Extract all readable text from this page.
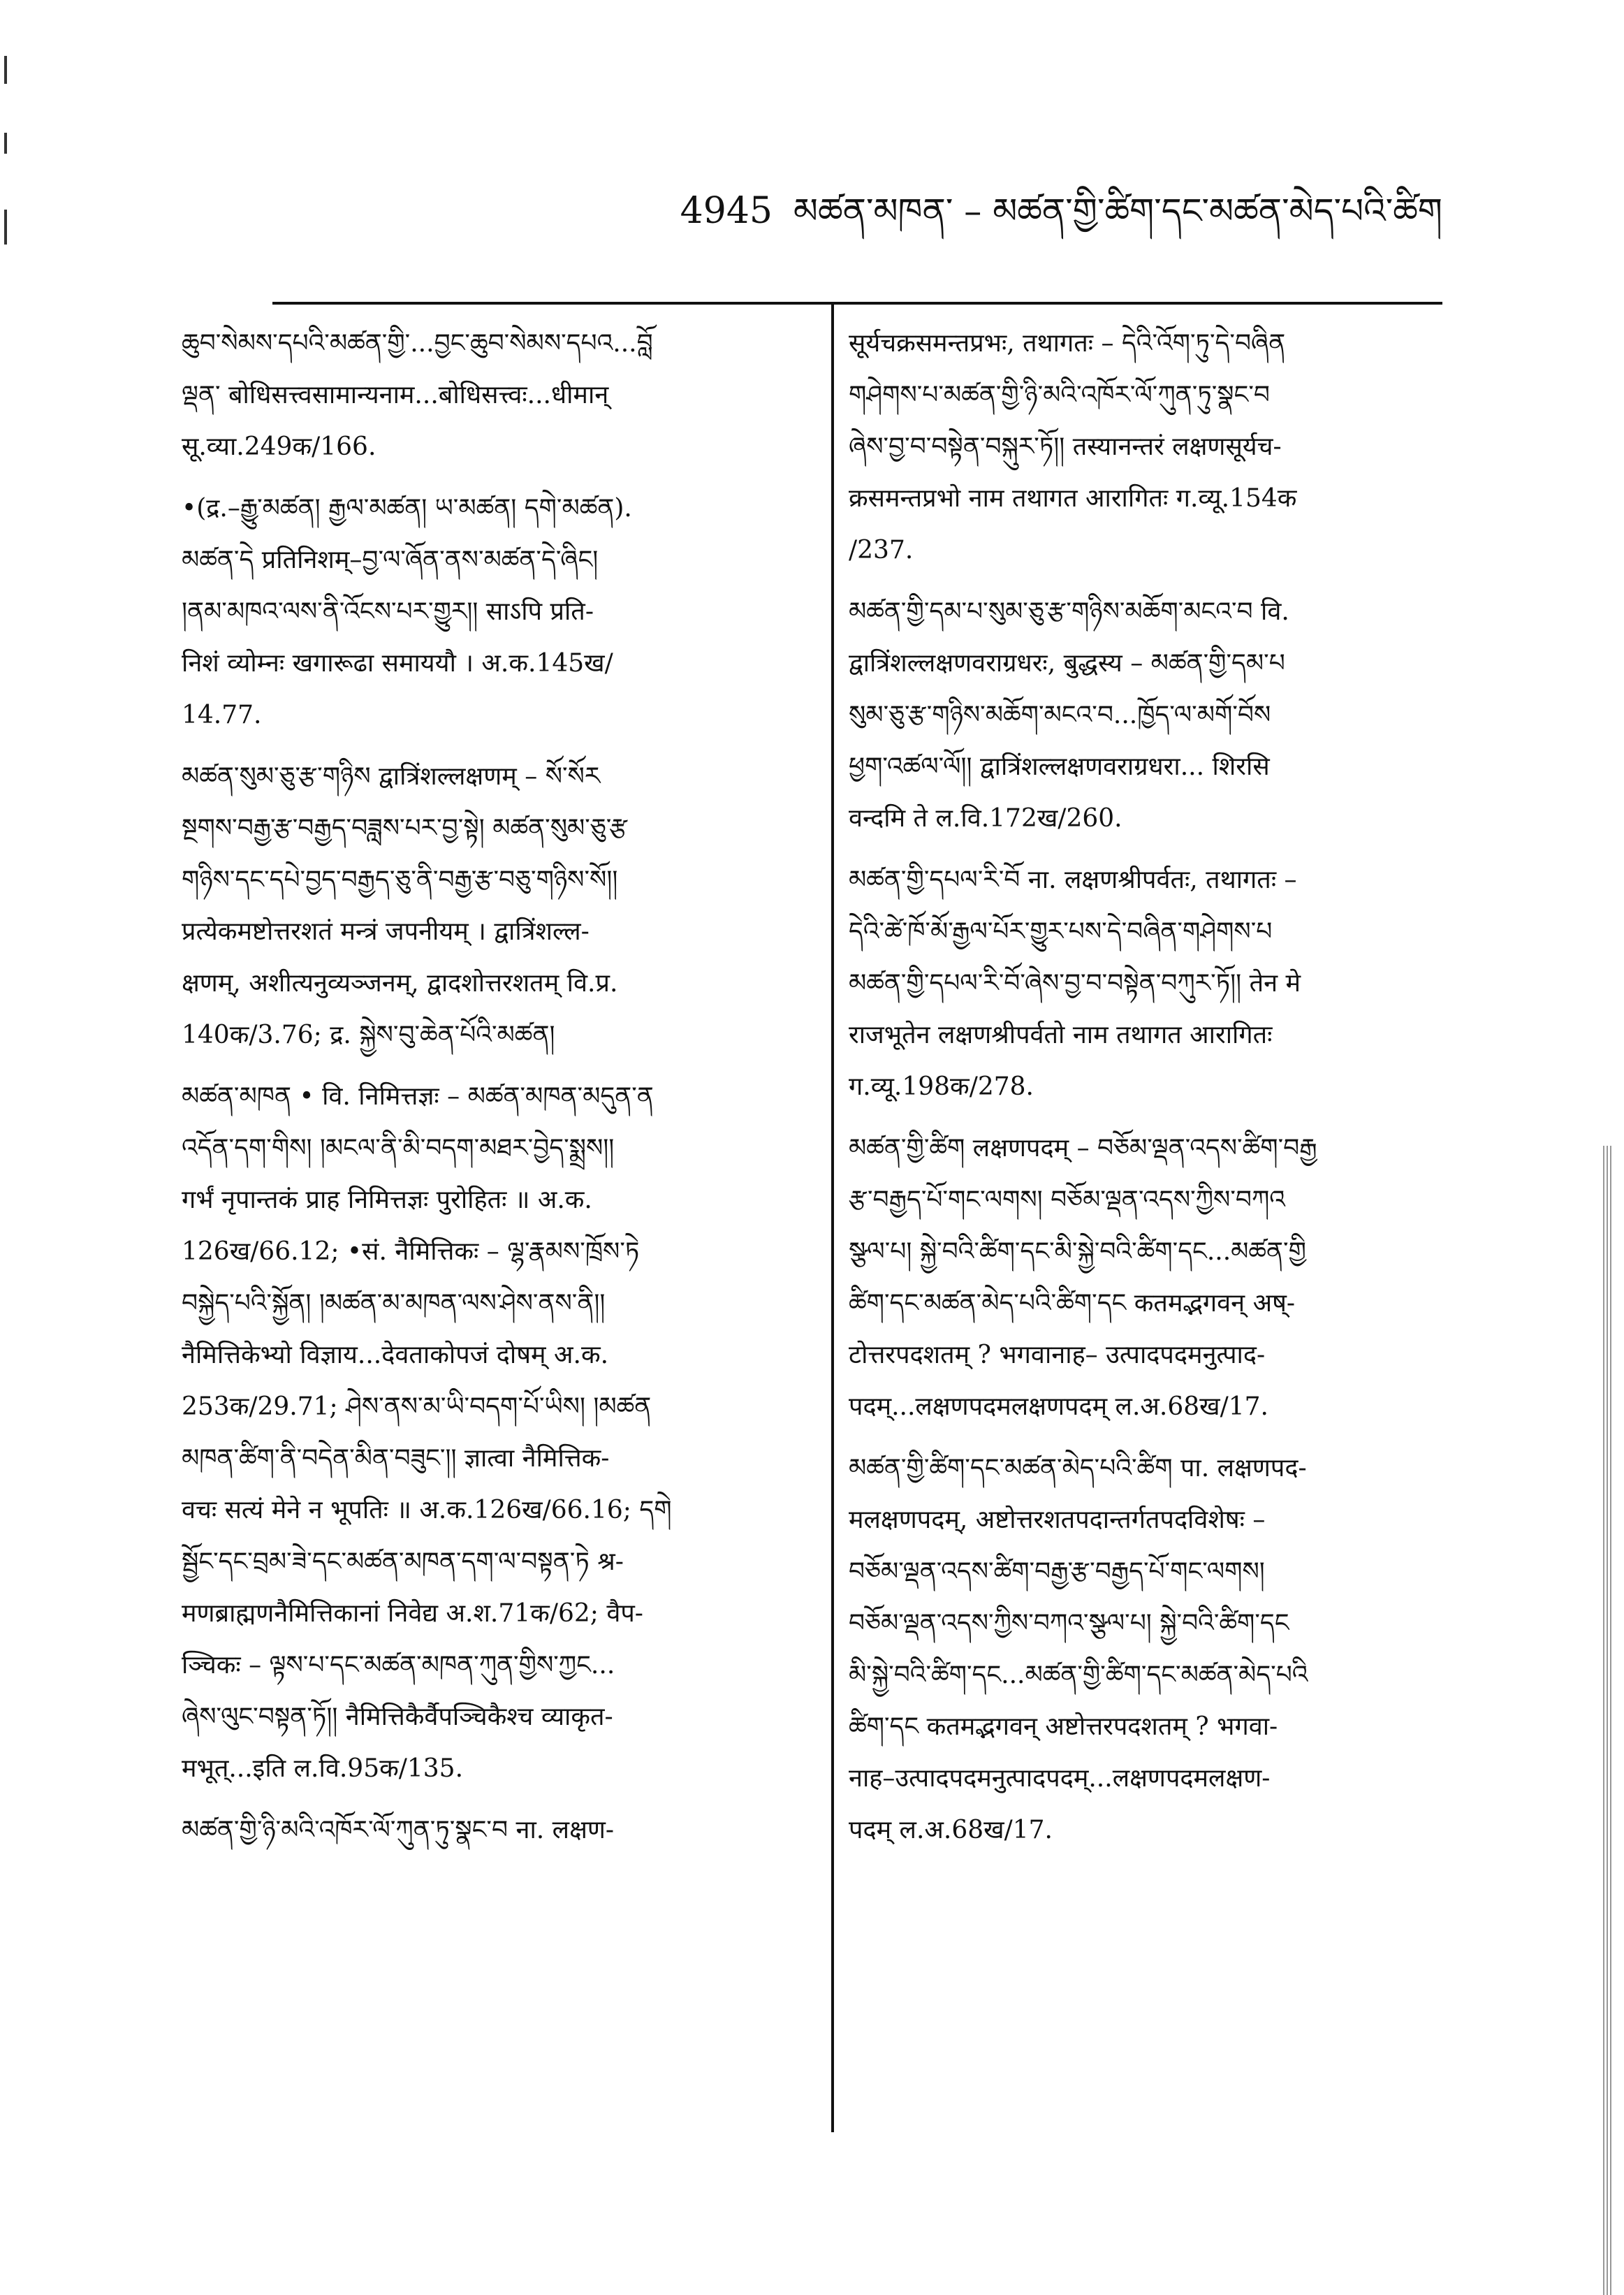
4945 མཚན་མཁན་ – མཚན་གྱི་ཚིག་དང་མཚན་མེད་པའི་ཚིག
ཆུབ་སེམས་དཔའི་མཚན་གྱི་...བྱང་ཆུབ་སེམས་དཔའ...བློ
ལྡན་ बोधिसत्त्वसामान्यनाम...बोधिसत्त्वः...धीमान्
सू.व्या.249क/166.
•(द्र.–རྒྱུ་མཚན། རྒྱལ་མཚན། ཡ་མཚན། དགེ་མཚན).
མཚན་དེ प्रतिनिशम्–བྱ་ལ་ཞོན་ནས་མཚན་དེ་ཞིང།
།ནམ་མཁའ་ལས་ནི་འོངས་པར་གྱུར།། साऽपि प्रति-
निशं व्योम्नः खगारूढा समाययौ । अ.क.145ख/
14.77.
མཚན་སུམ་ཅུ་རྩ་གཉིས द्वात्रिंशल्लक्षणम् – སོ་སོར
སྔགས་བརྒྱ་རྩ་བརྒྱད་བཟླས་པར་བྱ་སྟེ། མཚན་སུམ་ཅུ་རྩ
གཉིས་དང་དཔེ་བྱད་བརྒྱད་ཅུ་ནི་བརྒྱ་རྩ་བཅུ་གཉིས་སོ།།
प्रत्येकमष्टोत्तरशतं मन्त्रं जपनीयम् । द्वात्रिंशल्ल-
क्षणम्, अशीत्यनुव्यञ्जनम्, द्वादशोत्तरशतम् वि.प्र.
140क/3.76; द्र. སྐྱེས་བུ་ཆེན་པོའི་མཚན།
མཚན་མཁན • वि. निमित्तज्ञः – མཚན་མཁན་མདུན་ན
འདོན་དག་གིས། །མངལ་ནི་མི་བདག་མཐར་བྱེད་སྨྲས།།
गर्भं नृपान्तकं प्राह निमित्तज्ञः पुरोहितः ॥ अ.क.
126ख/66.12; •सं. नैमित्तिकः – ལྷ་རྣམས་ཁྲོས་ཏེ
བསྐྱེད་པའི་སྐྱོན། །མཚན་མ་མཁན་ལས་ཤེས་ནས་ནི།།
नैमित्तिकेभ्यो विज्ञाय...देवताकोपजं दोषम् अ.क.
253क/29.71; ཤེས་ནས་མ་ཡི་བདག་པོ་ཡིས། །མཚན
མཁན་ཚིག་ནི་བདེན་མིན་བཟུང་།། ज्ञात्वा नैमित्तिक-
वचः सत्यं मेने न भूपतिः ॥ अ.क.126ख/66.16; དགེ
སྦྱོང་དང་བྲམ་ཟེ་དང་མཚན་མཁན་དག་ལ་བསྟན་ཏེ श्र-
मणब्राह्मणनैमित्तिकानां निवेद्य अ.श.71क/62; वैप-
ञ्चिकः – ལྟས་པ་དང་མཚན་མཁན་ཀུན་གྱིས་ཀྱང...
ཞེས་ལུང་བསྟན་ཏོ།། नैमित्तिकैर्वैपञ्चिकैश्च व्याकृत-
मभूत्...इति ल.वि.95क/135.
མཚན་གྱི་ཉི་མའི་འཁོར་ལོ་ཀུན་ཏུ་སྣང་བ ना. लक्षण-
सूर्यचक्रसमन्तप्रभः, तथागतः – དེའི་འོག་ཏུ་དེ་བཞིན
གཤེགས་པ་མཚན་གྱི་ཉི་མའི་འཁོར་ལོ་ཀུན་ཏུ་སྣང་བ
ཞེས་བྱ་བ་བསྟེན་བསྐུར་ཏོ།། तस्यानन्तरं लक्षणसूर्यच-
क्रसमन्तप्रभो नाम तथागत आरागितः ग.व्यू.154क
/237.
མཚན་གྱི་དམ་པ་སུམ་ཅུ་རྩ་གཉིས་མཆོག་མངའ་བ वि.
द्वात्रिंशल्लक्षणवराग्रधरः, बुद्धस्य – མཚན་གྱི་དམ་པ
སུམ་ཅུ་རྩ་གཉིས་མཆོག་མངའ་བ...ཁྱོད་ལ་མགོ་བོས
ཕྱག་འཚལ་ལོ།། द्वात्रिंशल्लक्षणवराग्रधरा... शिरसि
वन्दमि ते ल.वि.172ख/260.
མཚན་གྱི་དཔལ་རི་བོ ना. लक्षणश्रीपर्वतः, तथागतः –
དེའི་ཚེ་ཁོ་མོ་རྒྱལ་པོར་གྱུར་པས་དེ་བཞིན་གཤེགས་པ
མཚན་གྱི་དཔལ་རི་བོ་ཞེས་བྱ་བ་བསྟེན་བཀུར་ཏོ།། तेन मे
राजभूतेन लक्षणश्रीपर्वतो नाम तथागत आरागितः
ग.व्यू.198क/278.
མཚན་གྱི་ཚིག लक्षणपदम् – བཅོམ་ལྡན་འདས་ཚིག་བརྒྱ
རྩ་བརྒྱད་པོ་གང་ལགས། བཅོམ་ལྡན་འདས་ཀྱིས་བཀའ
སྩལ་པ། སྐྱེ་བའི་ཚིག་དང་མི་སྐྱེ་བའི་ཚིག་དང...མཚན་གྱི
ཚིག་དང་མཚན་མེད་པའི་ཚིག་དང कतमद्भगवन् अष्-
टोत्तरपदशतम् ? भगवानाह– उत्पादपदमनुत्पाद-
पदम्...लक्षणपदमलक्षणपदम् ल.अ.68ख/17.
མཚན་གྱི་ཚིག་དང་མཚན་མེད་པའི་ཚིག पा. लक्षणपद-
मलक्षणपदम्, अष्टोत्तरशतपदान्तर्गतपदविशेषः –
བཅོམ་ལྡན་འདས་ཚིག་བརྒྱ་རྩ་བརྒྱད་པོ་གང་ལགས།
བཅོམ་ལྡན་འདས་ཀྱིས་བཀའ་སྩལ་པ། སྐྱེ་བའི་ཚིག་དང
མི་སྐྱེ་བའི་ཚིག་དང...མཚན་གྱི་ཚིག་དང་མཚན་མེད་པའི
ཚིག་དང कतमद्भगवन् अष्टोत्तरपदशतम् ? भगवा-
नाह–उत्पादपदमनुत्पादपदम्...लक्षणपदमलक्षण-
पदम् ल.अ.68ख/17.
